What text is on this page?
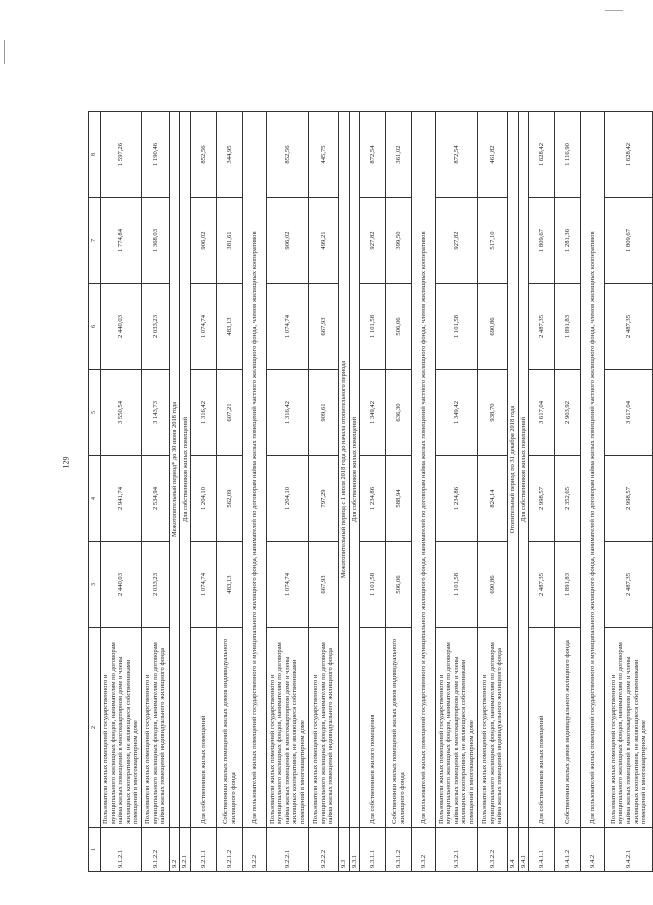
129
1	2	3	4	5	6	7	8
9.1.2.1	Пользователи жилых помещений государственного и муниципального жилищных фондов, нанимателям по договорам найма жилых помещений в многоквартирном доме и члены жилищных кооперативов, не являющиеся собственниками помещений в многоквартирном доме	2 440,03	2 941,74	3 550,54	2 440,03	1 774,84	1 597,26
9.1.2.2	Пользователи жилых помещений государственного и муниципального жилищных фондов, нанимателям по договорам найма жилых помещений индивидуального жилищного фонда	2 033,23	2 534,94	3 143,73	2 033,23	1 368,03	1 190,46
9.2	Межотопительный период* до 30 июня 2018 года						
9.2.1	Для собственников жилых помещений						
9.2.1.1	Для собственников жилых помещений	1 074,74	1 204,10	1 316,42	1 074,74	906,02	852,56
9.2.1.2	Собственники жилых помещений жилых домов индивидуального жилищного фонда	483,13	562,09	607,21	483,13	381,61	344,95
9.2.2	Для пользователей жилых помещений государственного и муниципального жилищного фонда, нанимателей по договорам найма жилых помещений частного жилищного фонда, членов жилищных кооперативов						
9.2.2.1	Пользователи жилых помещений государственного и муниципального жилищных фондов, нанимателям по договорам найма жилых помещений в многоквартирном доме и члены жилищных кооперативов, не являющиеся собственниками помещений в многоквартирном доме	1 074,74	1 204,10	1 316,42	1 074,74	906,02	852,56
9.2.2.2	Пользователи жилых помещений государственного и муниципального жилищных фондов, нанимателям по договорам найма жилых помещений индивидуального жилищного фонда	667,93	797,29	909,61	667,93	499,21	445,75
9.3	Межотопительный период с 1 июля 2018 года до начала отопительного периода						
9.3.1	Для собственников жилых помещений						
9.3.1.1	Для собственников жилого помещения	1 101,58	1 234,86	1 349,42	1 101,58	927,82	872,54
9.3.1.2	Собственники жилых помещений жилых домов индивидуального жилищного фонда	506,06	588,94	636,30	506,06	399,50	361,02
9.3.2	Для пользователей жилых помещений государственного и муниципального жилищного фонда, нанимателей по договорам найма жилых помещений частного жилищного фонда, членов жилищных кооперативов						
9.3.2.1	Пользователи жилых помещений государственного и муниципального жилищных фондов, нанимателям по договорам найма жилых помещений в многоквартирном доме и члены жилищных кооперативов, не являющиеся собственниками помещений в многоквартирном доме	1 101,58	1 234,86	1 349,42	1 101,58	927,82	872,54
9.3.2.2	Пользователи жилых помещений государственного и муниципального жилищных фондов, нанимателям по договорам найма жилых помещений индивидуального жилищного фонда	690,86	824,14	938,70	690,86	517,10	461,82
9.4	Отопительный период по 31 декабря 2018 года						
9.4.1	Для собственников жилых помещений						
9.4.1.1	Для собственников жилых помещений	2 487,35	2 998,57	3 617,04	2 487,35	1 809,67	1 628,42
9.4.1.2	Собственники жилых домов индивидуального жилищного фонда	1 891,83	2 352,65	2 903,92	1 891,83	1 281,36	1 116,90
9.4.2	Для пользователей жилых помещений государственного и муниципального жилищного фонда, нанимателей по договорам найма жилых помещений частного жилищного фонда, членов жилищных кооперативов						
9.4.2.1	Пользователи жилых помещений государственного и муниципального жилищных фондов, нанимателям по договорам найма жилых помещений в многоквартирном доме и члены жилищных кооперативов, не являющиеся собственниками помещений в многоквартирном доме	2 487,35	2 998,57	3 617,04	2 487,35	1 809,67	1 628,42
